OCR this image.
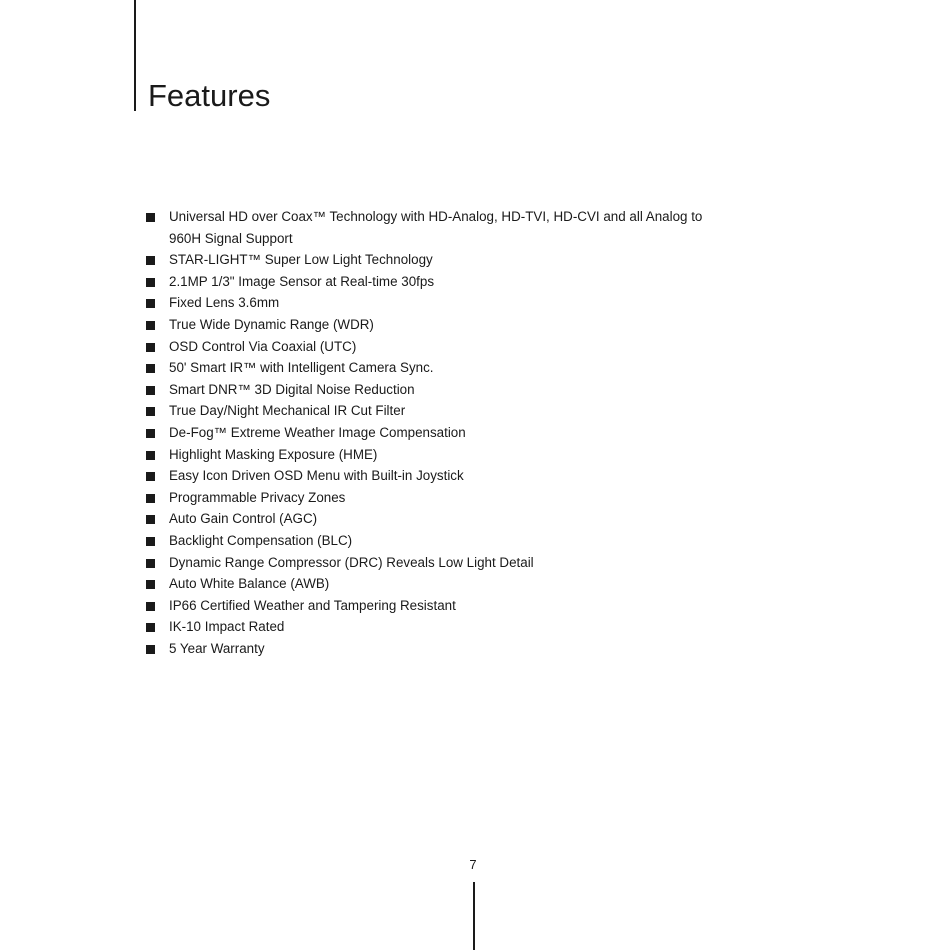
Features
Universal HD over Coax™ Technology with HD-Analog, HD-TVI, HD-CVI and all Analog to 960H Signal Support
STAR-LIGHT™ Super Low Light Technology
2.1MP 1/3" Image Sensor at Real-time 30fps
Fixed Lens 3.6mm
True Wide Dynamic Range (WDR)
OSD Control Via Coaxial (UTC)
50' Smart IR™ with Intelligent Camera Sync.
Smart DNR™ 3D Digital Noise Reduction
True Day/Night Mechanical IR Cut Filter
De-Fog™ Extreme Weather Image Compensation
Highlight Masking Exposure (HME)
Easy Icon Driven OSD Menu with Built-in Joystick
Programmable Privacy Zones
Auto Gain Control (AGC)
Backlight Compensation (BLC)
Dynamic Range Compressor (DRC) Reveals Low Light Detail
Auto White Balance (AWB)
IP66 Certified Weather and Tampering Resistant
IK-10 Impact Rated
5 Year Warranty
7
